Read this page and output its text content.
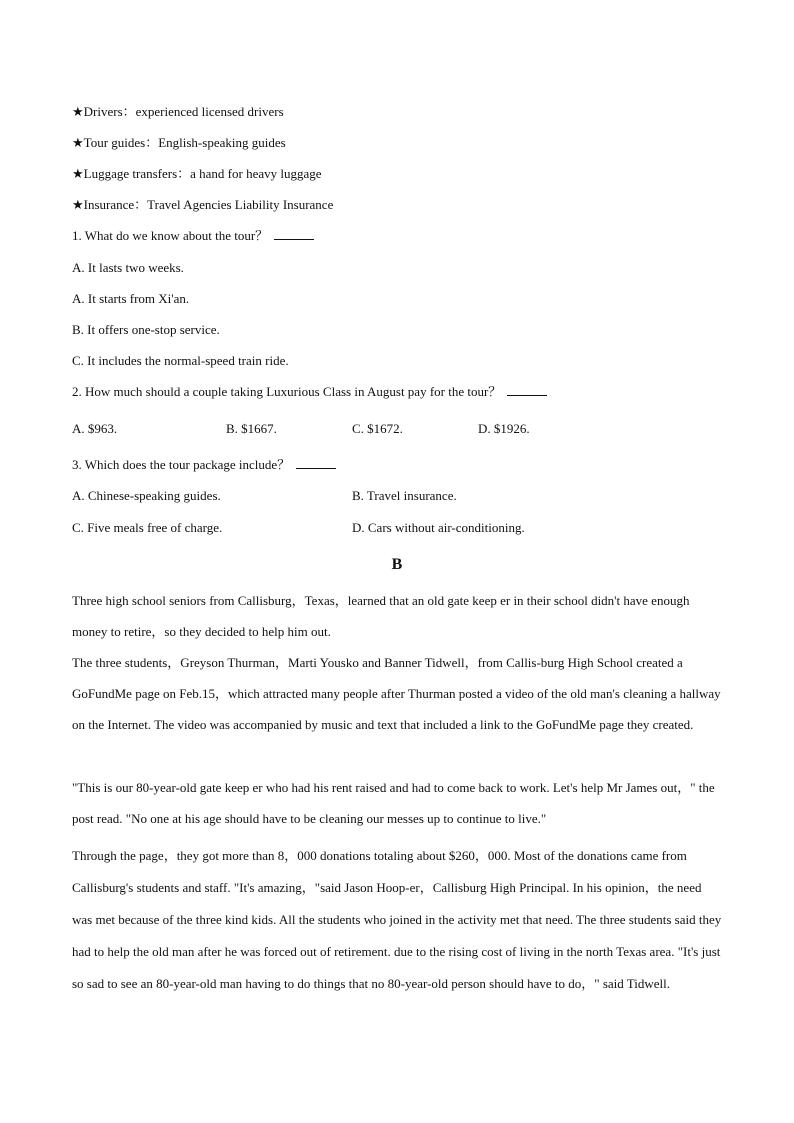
★Drivers：experienced licensed drivers
★Tour guides：English-speaking guides
★Luggage transfers：a hand for heavy luggage
★Insurance：Travel Agencies Liability Insurance
1. What do we know about the tour？
A. It lasts two weeks.
A. It starts from Xi'an.
B. It offers one-stop service.
C. It includes the normal-speed train ride.
2. How much should a couple taking Luxurious Class in August pay for the tour？
A. $963.	B. $1667.	C. $1672.	D. $1926.
3. Which does the tour package include？
A. Chinese-speaking guides.	B. Travel insurance.
C. Five meals free of charge.	D. Cars without air-conditioning.
B
Three high school seniors from Callisburg，Texas，learned that an old gate keep er in their school didn't have enough money to retire，so they decided to help him out.
The three students，Greyson Thurman，Marti Yousko and Banner Tidwell，from Callis-burg High School created a GoFundMe page on Feb.15，which attracted many people after Thurman posted a video of the old man's cleaning a hallway on the Internet. The video was accompanied by music and text that included a link to the GoFundMe page they created.
"This is our 80-year-old gate keep er who had his rent raised and had to come back to work. Let's help Mr James out，" the post read. "No one at his age should have to be cleaning our messes up to continue to live."
Through the page，they got more than 8，000 donations totaling about $260，000. Most of the donations came from Callisburg's students and staff. "It's amazing，"said Jason Hoop-er，Callisburg High Principal. In his opinion，the need was met because of the three kind kids. All the students who joined in the activity met that need. The three students said they had to help the old man after he was forced out of retirement. due to the rising cost of living in the north Texas area. "It's just so sad to see an 80-year-old man having to do things that no 80-year-old person should have to do，" said Tidwell.
